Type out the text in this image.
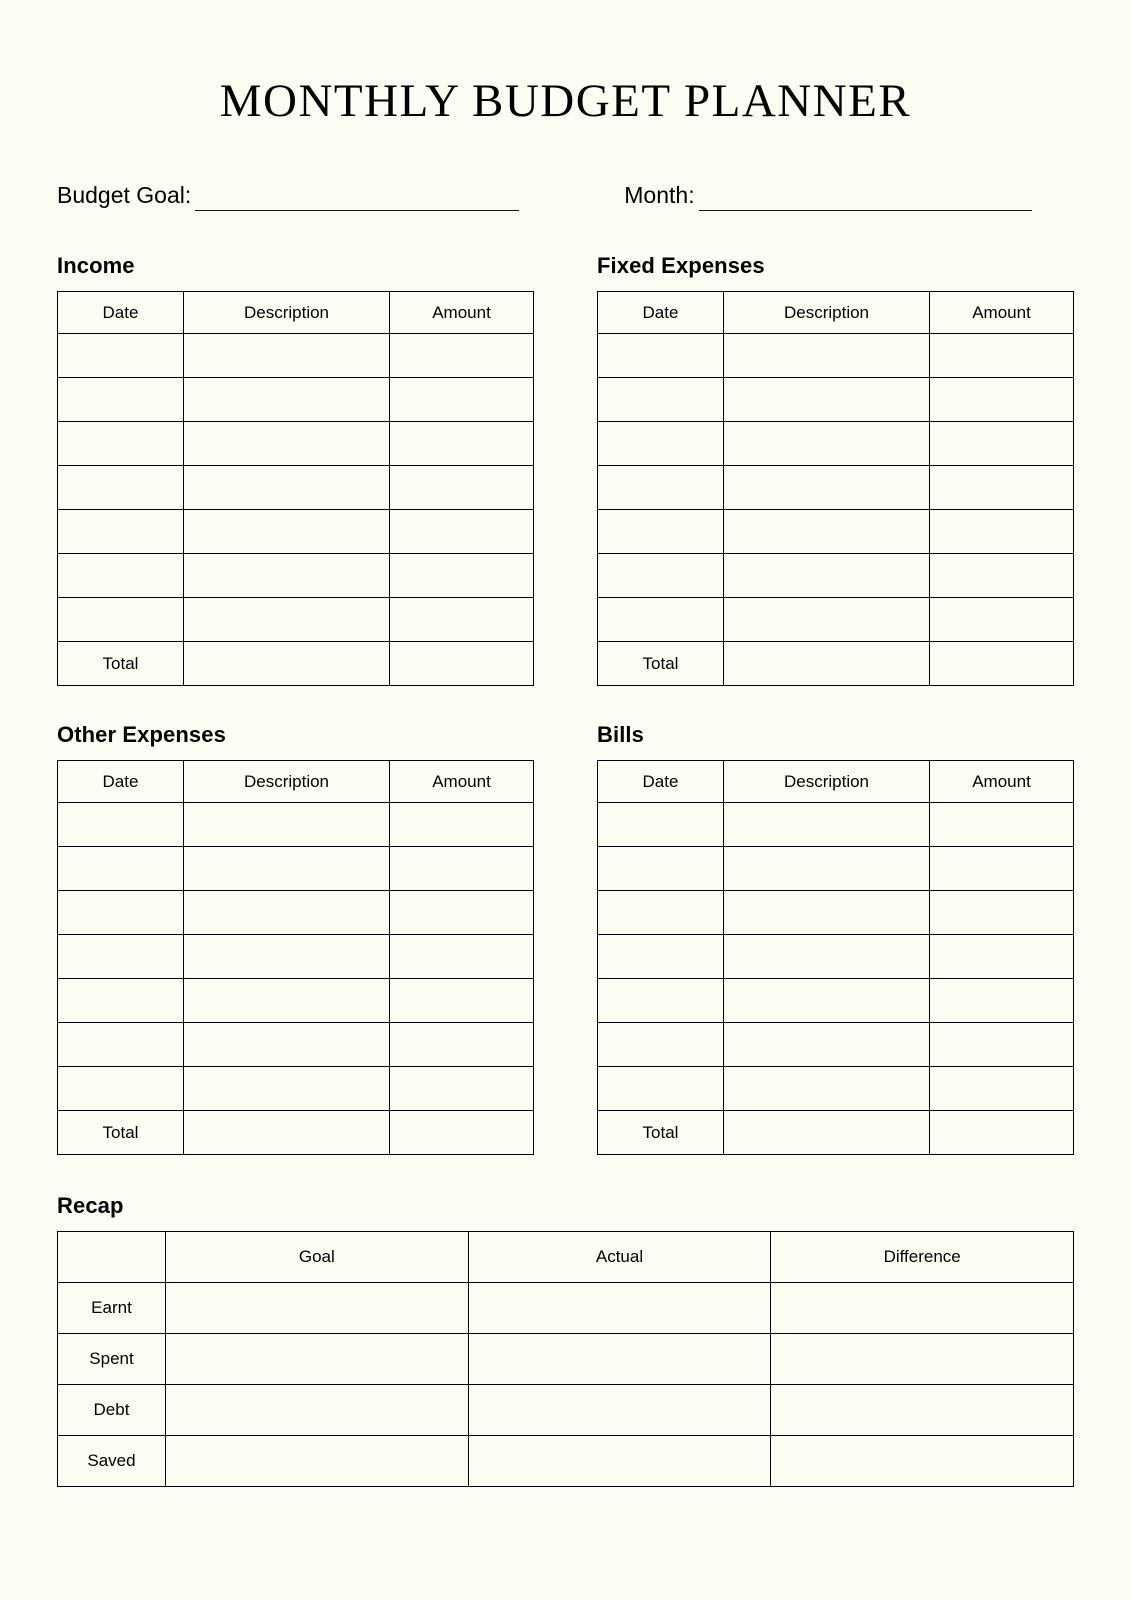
MONTHLY BUDGET PLANNER
Budget Goal:	Month:
Income
Date	Description	Amount

Total		
Other Expenses
Date	Description	Amount

Total		
Fixed Expenses
Date	Description	Amount

Total		
Bills
Date	Description	Amount

Total		
Recap
	Goal	Actual	Difference
Earnt			
Spent			
Debt			
Saved			
